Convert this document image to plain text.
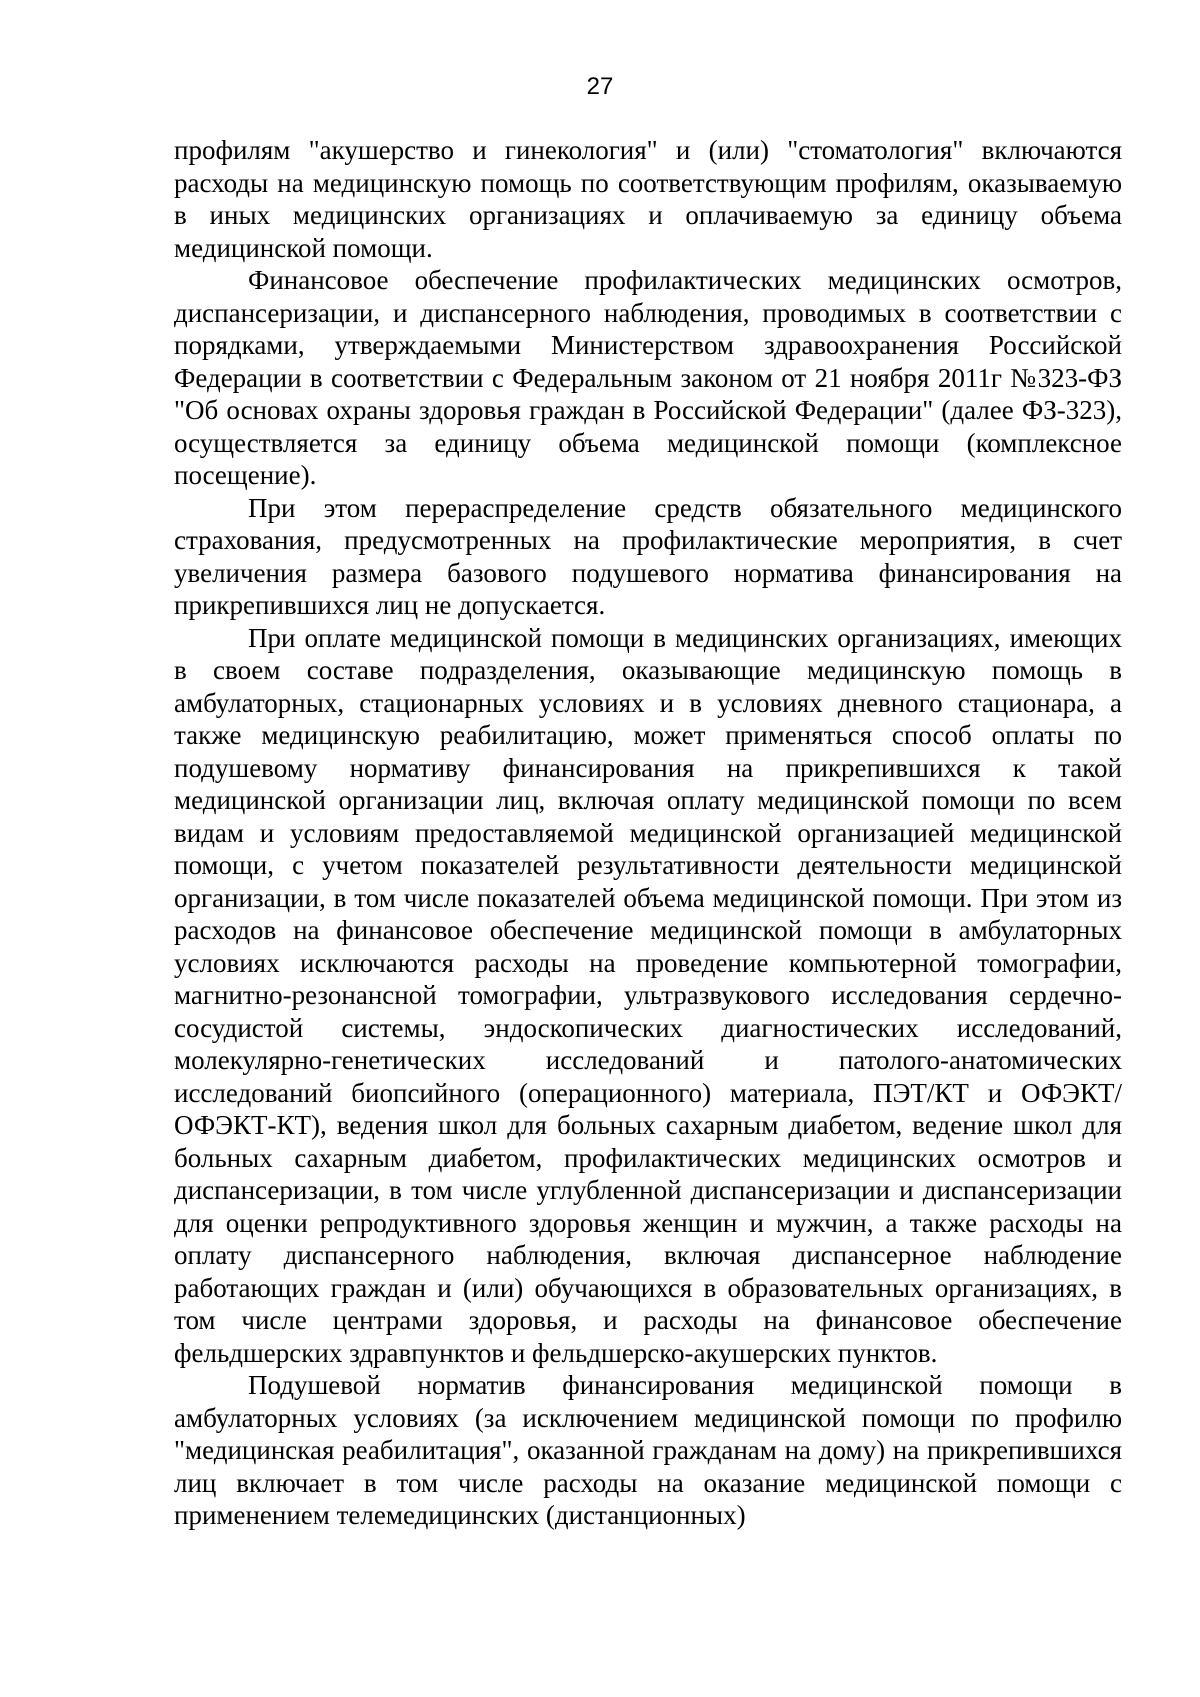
27

профилям "акушерство и гинекология" и (или) "стоматология" включаются расходы на медицинскую помощь по соответствующим профилям, оказываемую в иных медицинских организациях и оплачиваемую за единицу объема медицинской помощи.

Финансовое обеспечение профилактических медицинских осмотров, диспансеризации, и диспансерного наблюдения, проводимых в соответствии с порядками, утверждаемыми Министерством здравоохранения Российской Федерации в соответствии с Федеральным законом от 21 ноября 2011г №323-ФЗ "Об основах охраны здоровья граждан в Российской Федерации" (далее ФЗ-323), осуществляется за единицу объема медицинской помощи (комплексное посещение).

При этом перераспределение средств обязательного медицинского страхования, предусмотренных на профилактические мероприятия, в счет увеличения размера базового подушевого норматива финансирования на прикрепившихся лиц не допускается.

При оплате медицинской помощи в медицинских организациях, имеющих в своем составе подразделения, оказывающие медицинскую помощь в амбулаторных, стационарных условиях и в условиях дневного стационара, а также медицинскую реабилитацию, может применяться способ оплаты по подушевому нормативу финансирования на прикрепившихся к такой медицинской организации лиц, включая оплату медицинской помощи по всем видам и условиям предоставляемой медицинской организацией медицинской помощи, с учетом показателей результативности деятельности медицинской организации, в том числе показателей объема медицинской помощи. При этом из расходов на финансовое обеспечение медицинской помощи в амбулаторных условиях исключаются расходы на проведение компьютерной томографии, магнитно-резонансной томографии, ультразвукового исследования сердечно-сосудистой системы, эндоскопических диагностических исследований, молекулярно-генетических исследований и патолого-анатомических исследований биопсийного (операционного) материала, ПЭТ/КТ и ОФЭКТ/ОФЭКТ-КТ), ведения школ для больных сахарным диабетом, ведение школ для больных сахарным диабетом, профилактических медицинских осмотров и диспансеризации, в том числе углубленной диспансеризации и диспансеризации для оценки репродуктивного здоровья женщин и мужчин, а также расходы на оплату диспансерного наблюдения, включая диспансерное наблюдение работающих граждан и (или) обучающихся в образовательных организациях, в том числе центрами здоровья, и расходы на финансовое обеспечение фельдшерских здравпунктов и фельдшерско-акушерских пунктов.

Подушевой норматив финансирования медицинской помощи в амбулаторных условиях (за исключением медицинской помощи по профилю "медицинская реабилитация", оказанной гражданам на дому) на прикрепившихся лиц включает в том числе расходы на оказание медицинской помощи с применением телемедицинских (дистанционных)
